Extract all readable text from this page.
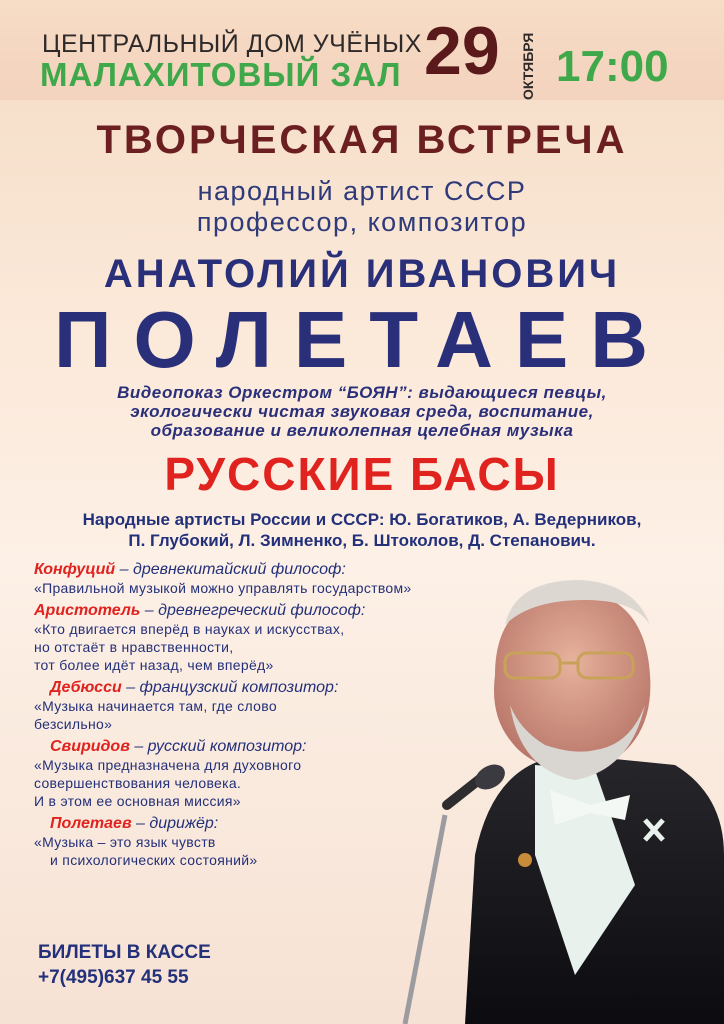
ЦЕНТРАЛЬНЫЙ ДОМ УЧЁНЫХ
МАЛАХИТОВЫЙ ЗАЛ 29 ОКТЯБРЯ 17:00
ТВОРЧЕСКАЯ ВСТРЕЧА
народный артист СССР
профессор, композитор
АНАТОЛИЙ ИВАНОВИЧ
ПОЛЕТАЕВ
Видеопоказ Оркестром “БОЯН”: выдающиеся певцы,
экологически чистая звуковая среда, воспитание,
образование и великолепная целебная музыка
РУССКИЕ БАСЫ
Народные артисты России и СССР: Ю. Богатиков, А. Ведерников,
П. Глубокий, Л. Зимненко, Б. Штоколов, Д. Степанович.
Конфуций – древнекитайский философ:
«Правильной музыкой можно управлять государством»
Аристотель – древнегреческий философ:
«Кто двигается вперёд в науках и искусствах,
но отстаёт в нравственности,
тот более идёт назад, чем вперёд»
Дебюсси – французский композитор:
«Музыка начинается там, где слово
безсильно»
Свиридов – русский композитор:
«Музыка предназначена для духовного
совершенствования человека.
И в этом ее основная миссия»
Полетаев – дирижёр:
«Музыка – это язык чувств
и психологических состояний»
БИЛЕТЫ В КАССЕ
+7(495)637 45 55
